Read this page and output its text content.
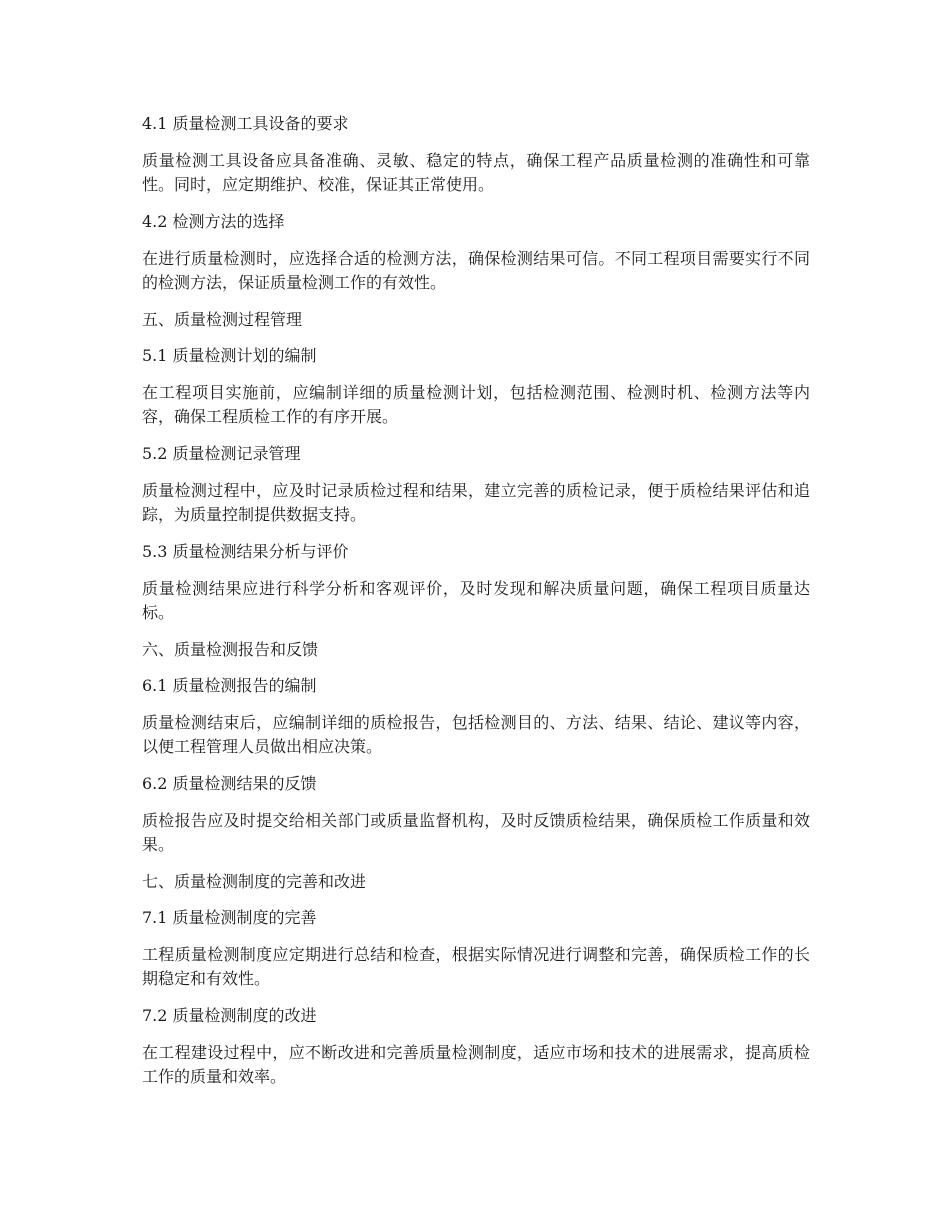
4.1 质量检测工具设备的要求
质量检测工具设备应具备准确、灵敏、稳定的特点，确保工程产品质量检测的准确性和可靠性。同时，应定期维护、校准，保证其正常使用。
4.2 检测方法的选择
在进行质量检测时，应选择合适的检测方法，确保检测结果可信。不同工程项目需要实行不同的检测方法，保证质量检测工作的有效性。
五、质量检测过程管理
5.1 质量检测计划的编制
在工程项目实施前，应编制详细的质量检测计划，包括检测范围、检测时机、检测方法等内容，确保工程质检工作的有序开展。
5.2 质量检测记录管理
质量检测过程中，应及时记录质检过程和结果，建立完善的质检记录，便于质检结果评估和追踪，为质量控制提供数据支持。
5.3 质量检测结果分析与评价
质量检测结果应进行科学分析和客观评价，及时发现和解决质量问题，确保工程项目质量达标。
六、质量检测报告和反馈
6.1 质量检测报告的编制
质量检测结束后，应编制详细的质检报告，包括检测目的、方法、结果、结论、建议等内容，以便工程管理人员做出相应决策。
6.2 质量检测结果的反馈
质检报告应及时提交给相关部门或质量监督机构，及时反馈质检结果，确保质检工作质量和效果。
七、质量检测制度的完善和改进
7.1 质量检测制度的完善
工程质量检测制度应定期进行总结和检查，根据实际情况进行调整和完善，确保质检工作的长期稳定和有效性。
7.2 质量检测制度的改进
在工程建设过程中，应不断改进和完善质量检测制度，适应市场和技术的进展需求，提高质检工作的质量和效率。
